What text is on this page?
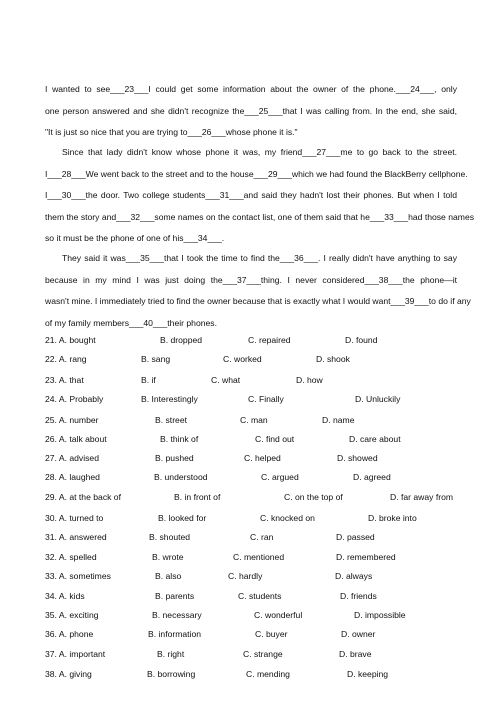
I wanted to see___23___I could get some information about the owner of the phone.___24___, only
one person answered and she didn't recognize the___25___that I was calling from. In the end, she said,
"It is just so nice that you are trying to___26___whose phone it is."

Since that lady didn't know whose phone it was, my friend___27___me to go back to the street.
I___28___We went back to the street and to the house___29___which we had found the BlackBerry cellphone.
I___30___the door. Two college students___31___and said they hadn't lost their phones. But when I told
them the story and___32___some names on the contact list, one of them said that he___33___had those names
so it must be the phone of one of his___34___.

They said it was___35___that I took the time to find the___36___. I really didn't have anything to say
because in my mind I was just doing the___37___thing. I never considered___38___the phone—it
wasn't mine. I immediately tried to find the owner because that is exactly what I would want___39___to do if any
of my family members___40___their phones.

21. A. bought	B. dropped	C. repaired	D. found
22. A. rang	B. sang	C. worked	D. shook
23. A. that	B. if	C. what	D. how
24. A. Probably	B. Interestingly	C. Finally	D. Unluckily
25. A. number	B. street	C. man	D. name
26. A. talk about	B. think of	C. find out	D. care about
27. A. advised	B. pushed	C. helped	D. showed
28. A. laughed	B. understood	C. argued	D. agreed
29. A. at the back of	B. in front of	C. on the top of	D. far away from
30. A. turned to	B. looked for	C. knocked on	D. broke into
31. A. answered	B. shouted	C. ran	D. passed
32. A. spelled	B. wrote	C. mentioned	D. remembered
33. A. sometimes	B. also	C. hardly	D. always
34. A. kids	B. parents	C. students	D. friends
35. A. exciting	B. necessary	C. wonderful	D. impossible
36. A. phone	B. information	C. buyer	D. owner
37. A. important	B. right	C. strange	D. brave
38. A. giving	B. borrowing	C. mending	D. keeping
